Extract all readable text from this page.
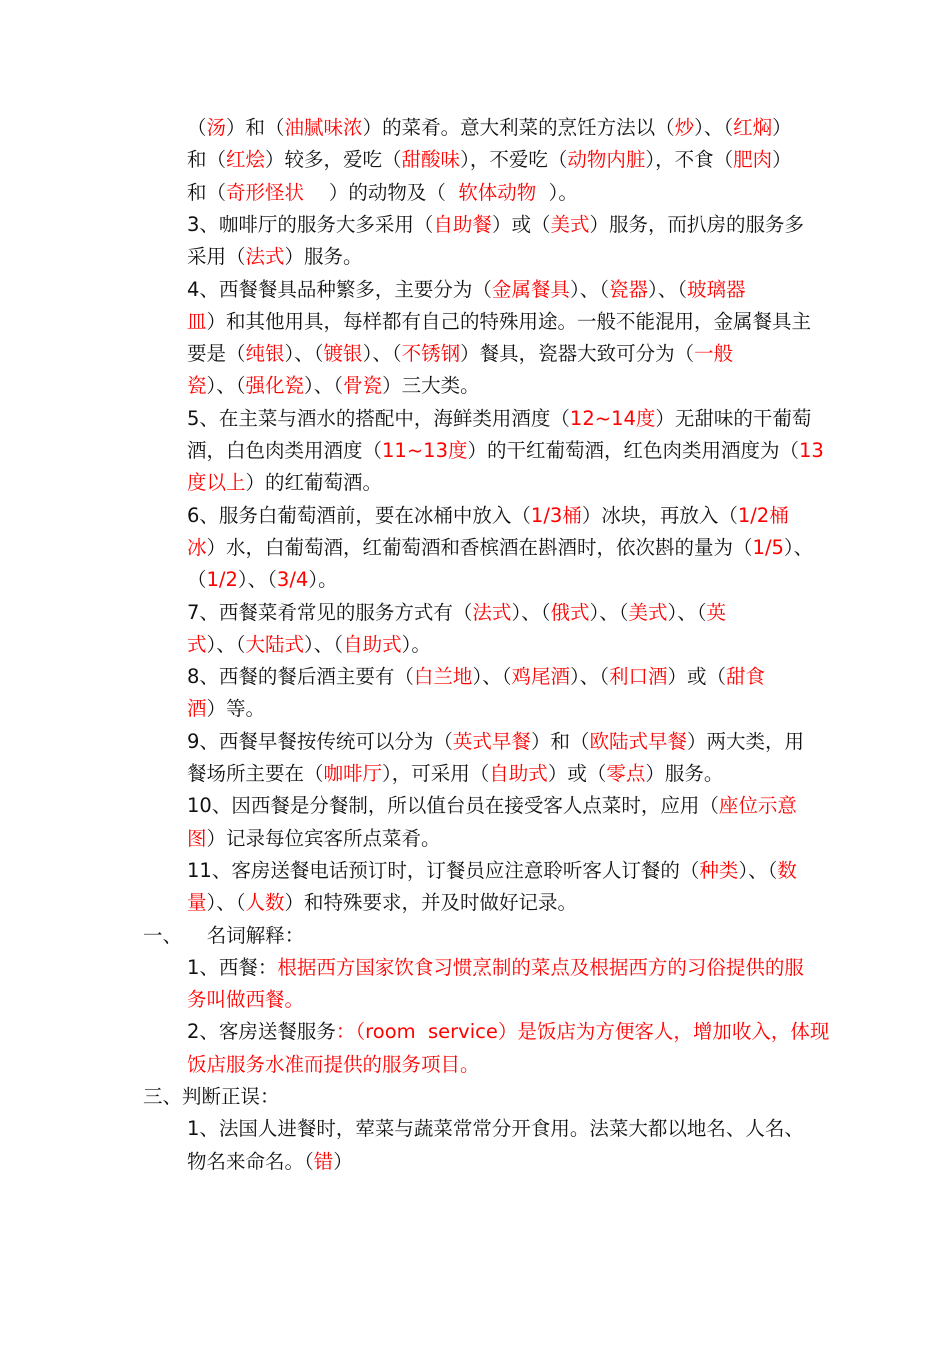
（汤）和（油腻味浓）的菜肴。意大利菜的烹饪方法以（炒）、（红焖）
和（红烩）较多，爱吃（甜酸味），不爱吃（动物内脏），不食（肥肉）
和（奇形怪状    ）的动物及（  软体动物  ）。
3、咖啡厅的服务大多采用（自助餐）或（美式）服务，而扒房的服务多
采用（法式）服务。
4、西餐餐具品种繁多，主要分为（金属餐具）、（瓷器）、（玻璃器
皿）和其他用具，每样都有自己的特殊用途。一般不能混用，金属餐具主
要是（纯银）、（镀银）、（不锈钢）餐具，瓷器大致可分为（一般
瓷）、（强化瓷）、（骨瓷）三大类。
5、在主菜与酒水的搭配中，海鲜类用酒度（12~14度）无甜味的干葡萄
酒，白色肉类用酒度（11~13度）的干红葡萄酒，红色肉类用酒度为（13
度以上）的红葡萄酒。
6、服务白葡萄酒前，要在冰桶中放入（1/3桶）冰块，再放入（1/2桶
冰）水，白葡萄酒，红葡萄酒和香槟酒在斟酒时，依次斟的量为（1/5）、
（1/2）、（3/4）。
7、西餐菜肴常见的服务方式有（法式）、（俄式）、（美式）、（英
式）、（大陆式）、（自助式）。
8、西餐的餐后酒主要有（白兰地）、（鸡尾酒）、（利口酒）或（甜食
酒）等。
9、西餐早餐按传统可以分为（英式早餐）和（欧陆式早餐）两大类，用
餐场所主要在（咖啡厅），可采用（自助式）或（零点）服务。
10、因西餐是分餐制，所以值台员在接受客人点菜时，应用（座位示意
图）记录每位宾客所点菜肴。
11、客房送餐电话预订时，订餐员应注意聆听客人订餐的（种类）、（数
量）、（人数）和特殊要求，并及时做好记录。
一、    名词解释：
1、西餐：根据西方国家饮食习惯烹制的菜点及根据西方的习俗提供的服
务叫做西餐。
2、客房送餐服务：（room  service）是饭店为方便客人，增加收入，体现
饭店服务水准而提供的服务项目。
三、判断正误：
1、法国人进餐时，荤菜与蔬菜常常分开食用。法菜大都以地名、人名、
物名来命名。（错）
